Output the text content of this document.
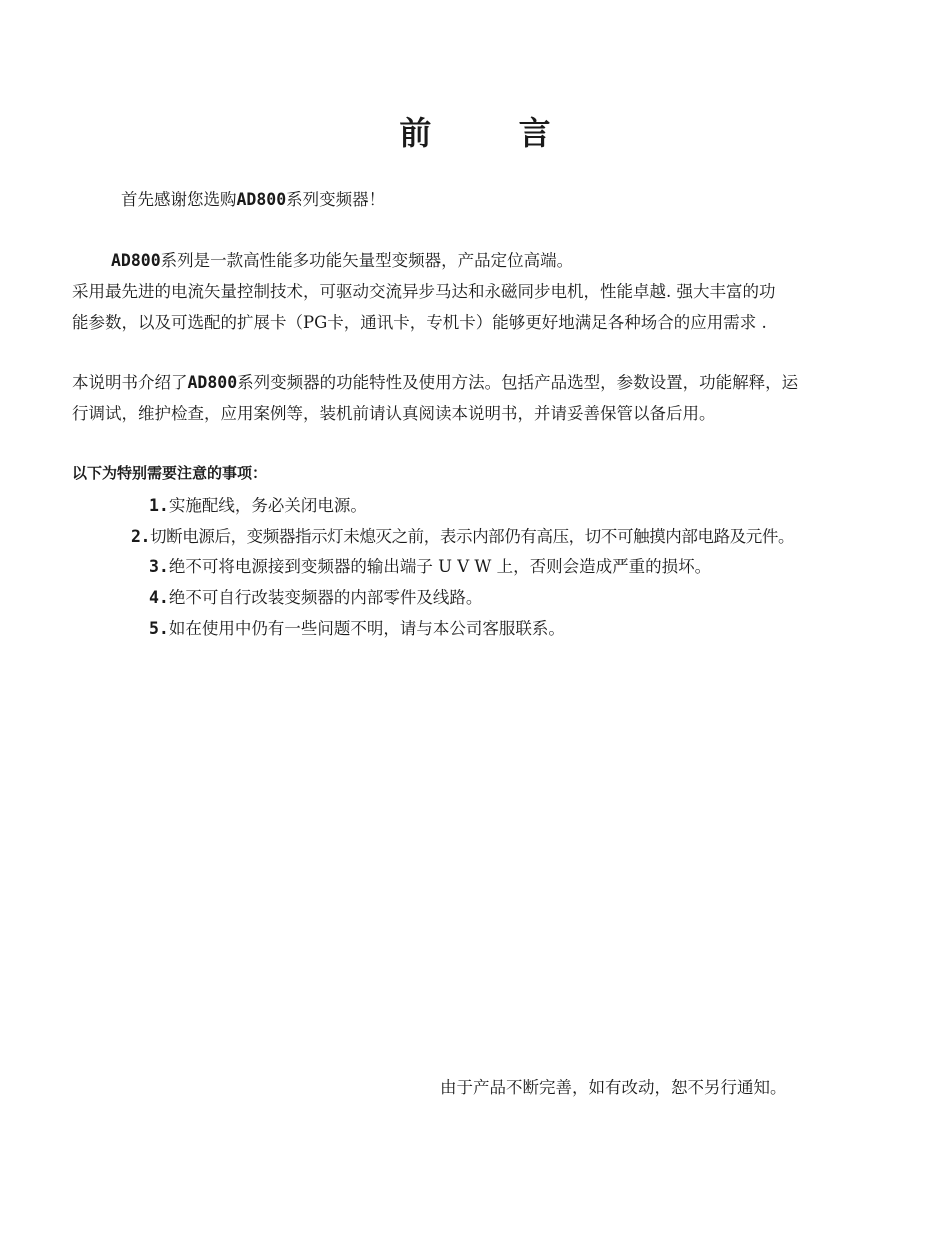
前 言
首先感谢您选购AD800系列变频器！
AD800系列是一款高性能多功能矢量型变频器，产品定位高端。
采用最先进的电流矢量控制技术，可驱动交流异步马达和永磁同步电机，性能卓越. 强大丰富的功
能参数，以及可选配的扩展卡（PG卡，通讯卡，专机卡）能够更好地满足各种场合的应用需求 .
本说明书介绍了AD800系列变频器的功能特性及使用方法。包括产品选型，参数设置，功能解释，运
行调试，维护检查，应用案例等，装机前请认真阅读本说明书，并请妥善保管以备后用。
以下为特别需要注意的事项：
1.实施配线，务必关闭电源。
2.切断电源后，变频器指示灯未熄灭之前，表示内部仍有高压，切不可触摸内部电路及元件。
3.绝不可将电源接到变频器的输出端子 U V W 上，否则会造成严重的损坏。
4.绝不可自行改装变频器的内部零件及线路。
5.如在使用中仍有一些问题不明，请与本公司客服联系。
由于产品不断完善，如有改动，恕不另行通知。
